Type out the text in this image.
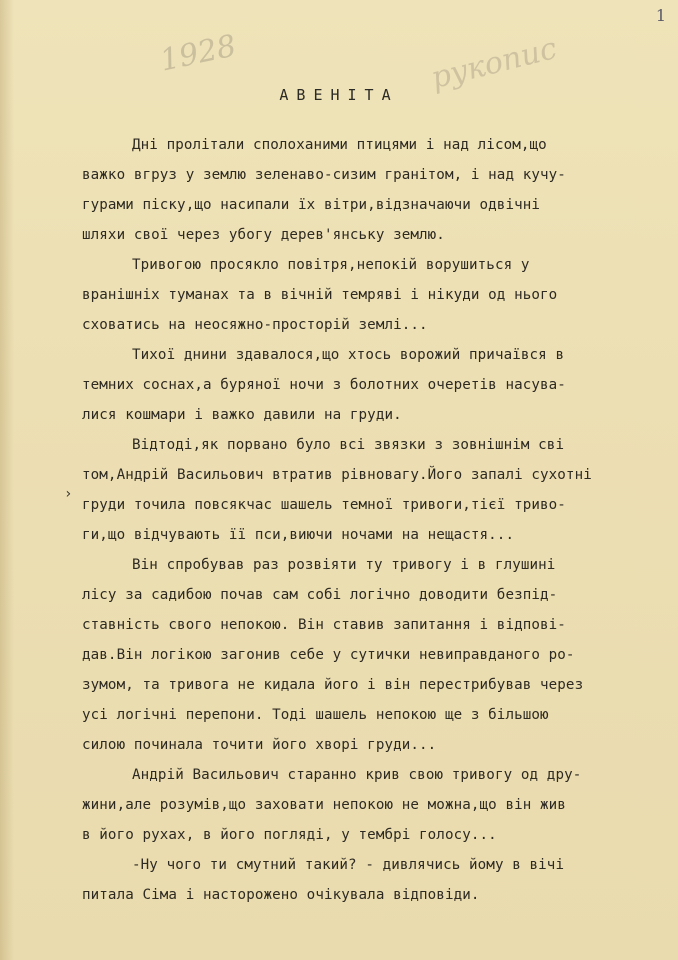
1
1928	рукопис
АВЕНІТА
›
Дні пролітали сполоханими птицями і над лісом,що
важко вгруз у землю зеленаво-сизим гранітом, і над кучу-
гурами піску,що насипали їх вітри,відзначаючи одвічні
шляхи свої через убогу дерев'янську землю.
Тривогою просякло повітря,непокій ворушиться у
вранішніх туманах та в вічній темряві і нікуди од нього
сховатись на неосяжно-просторій землі...
Тихої днини здавалося,що хтось ворожий причаївся в
темних соснах,а буряної ночи з болотних очеретів насува-
лися кошмари і важко давили на груди.
Відтоді,як порвано було всі звязки з зовнішнім сві
том,Андрій Васильович втратив рівновагу.Його запалі сухотні
груди точила повсякчас шашель темної тривоги,тієї триво-
ги,що відчувають її пси,виючи ночами на нещастя...
Він спробував раз розвіяти ту тривогу і в глушині
лісу за садибою почав сам собі логічно доводити безпід-
ставність свого непокою. Він ставив запитання і відпові-
дав.Він логікою загонив себе у сутички невиправданого ро-
зумом, та тривога не кидала його і він перестрибував через
усі логічні перепони. Тоді шашель непокою ще з більшою
силою починала точити його хворі груди...
Андрій Васильович старанно крив свою тривогу од дру-
жини,але розумів,що заховати непокою не можна,що він жив
в його рухах, в його погляді, у тембрі голосу...
-Ну чого ти смутний такий? - дивлячись йому в вічі
питала Сіма і насторожено очікувала відповіди.
